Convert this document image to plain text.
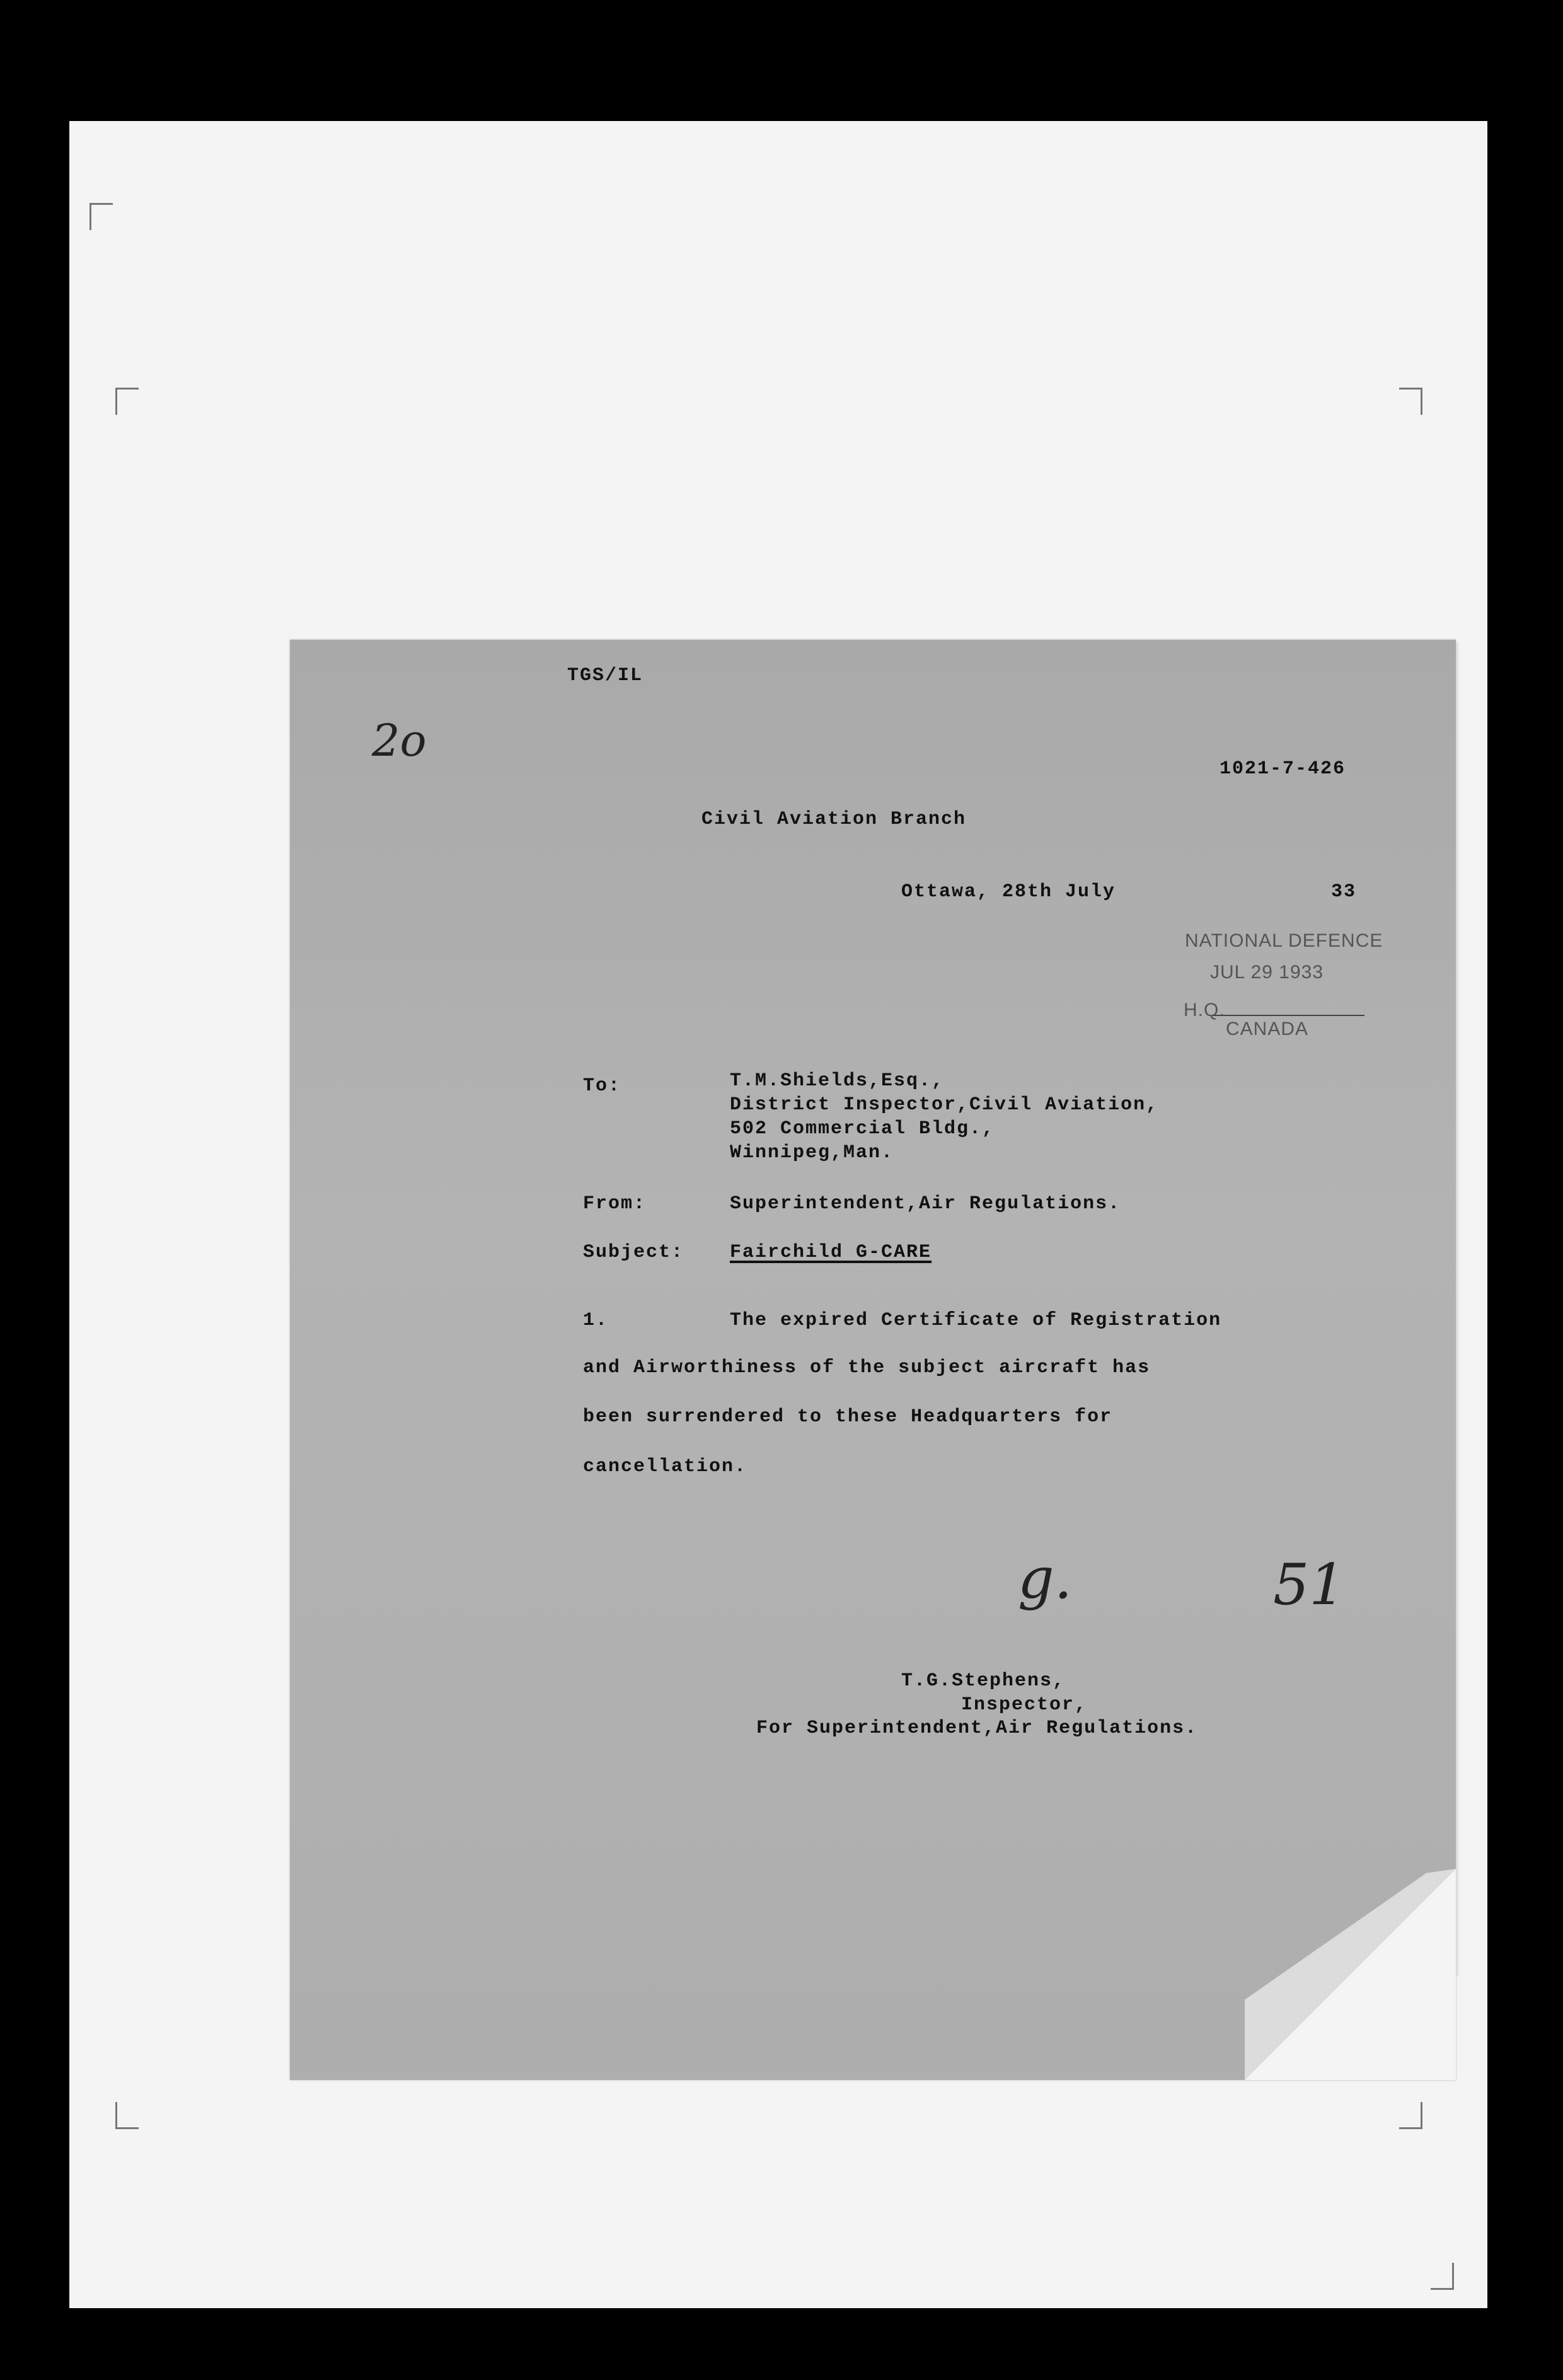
TGS/IL
1021-7-426
Civil Aviation Branch
Ottawa, 28th July	33
2o
NATIONAL DEFENCE
JUL 29 1933
H.Q.
CANADA
To:	T.M.Shields,Esq.,
District Inspector,Civil Aviation,
502 Commercial Bldg.,
Winnipeg,Man.
From:	Superintendent,Air Regulations.
Subject: Fairchild G-CARE
1.	The expired Certificate of Registration
and Airworthiness of the subject aircraft has
been surrendered to these Headquarters for
cancellation.
g.	51
T.G.Stephens,
Inspector,
For Superintendent,Air Regulations.
